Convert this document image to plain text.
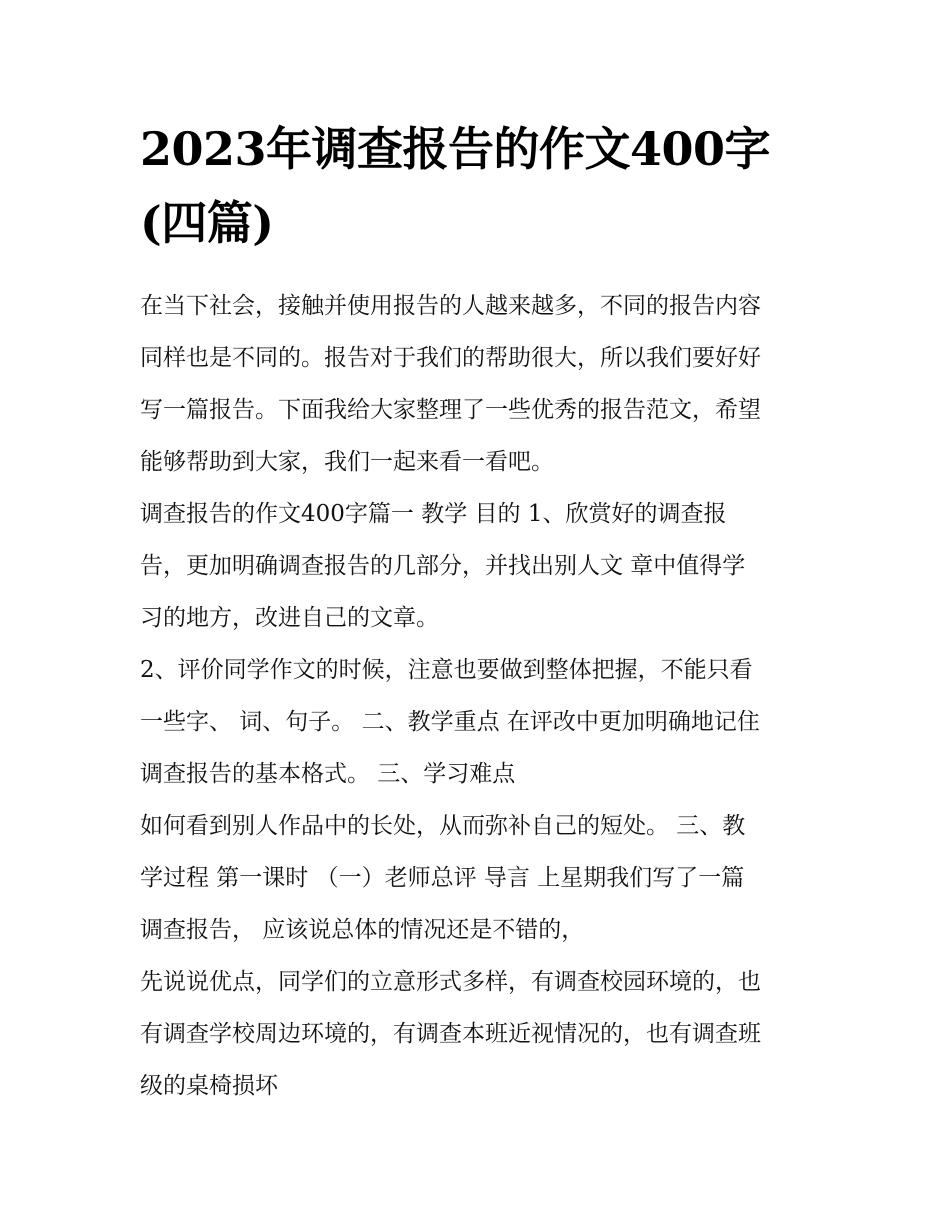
2023年调查报告的作文400字
(四篇)
在当下社会，接触并使用报告的人越来越多，不同的报告内容
同样也是不同的。报告对于我们的帮助很大，所以我们要好好
写一篇报告。下面我给大家整理了一些优秀的报告范文，希望
能够帮助到大家，我们一起来看一看吧。
调查报告的作文400字篇一 教学 目的 1、欣赏好的调查报
告，更加明确调查报告的几部分，并找出别人文 章中值得学
习的地方，改进自己的文章。
2、评价同学作文的时候，注意也要做到整体把握，不能只看
一些字、 词、句子。 二、教学重点 在评改中更加明确地记住
调查报告的基本格式。 三、学习难点
如何看到别人作品中的长处，从而弥补自己的短处。 三、教
学过程 第一课时 （一）老师总评 导言 上星期我们写了一篇
调查报告， 应该说总体的情况还是不错的，
先说说优点，同学们的立意形式多样，有调查校园环境的，也
有调查学校周边环境的，有调查本班近视情况的，也有调查班
级的桌椅损坏
